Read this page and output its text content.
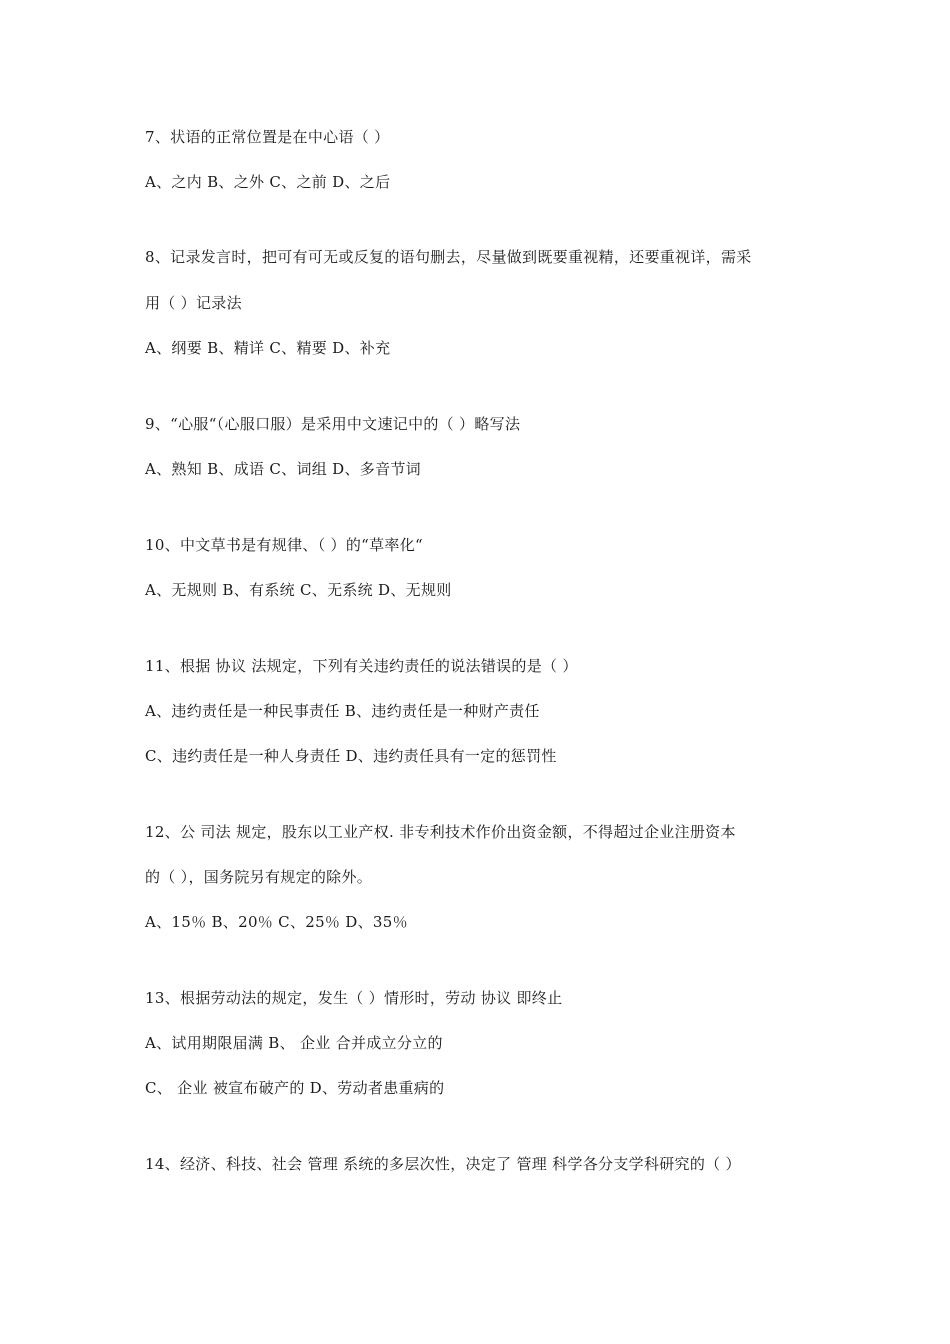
7、状语的正常位置是在中心语（ ）
A、之内 B、之外 C、之前 D、之后
8、记录发言时，把可有可无或反复的语句删去，尽量做到既要重视精，还要重视详，需采
用（ ）记录法
A、纲要 B、精详 C、精要 D、补充
9、“心服“（心服口服）是采用中文速记中的（ ）略写法
A、熟知 B、成语 C、词组 D、多音节词
10、中文草书是有规律、（ ）的“草率化“
A、无规则 B、有系统 C、无系统 D、无规则
11、根据 协议 法规定，下列有关违约责任的说法错误的是（ ）
A、违约责任是一种民事责任 B、违约责任是一种财产责任
C、违约责任是一种人身责任 D、违约责任具有一定的惩罚性
12、公 司法 规定，股东以工业产权. 非专利技术作价出资金额，不得超过企业注册资本
的（ ），国务院另有规定的除外。
A、15％ B、20％ C、25％ D、35％
13、根据劳动法的规定，发生（ ）情形时，劳动 协议 即终止
A、试用期限届满 B、 企业 合并成立分立的
C、 企业 被宣布破产的 D、劳动者患重病的
14、经济、科技、社会 管理 系统的多层次性，决定了 管理 科学各分支学科研究的（ ）
